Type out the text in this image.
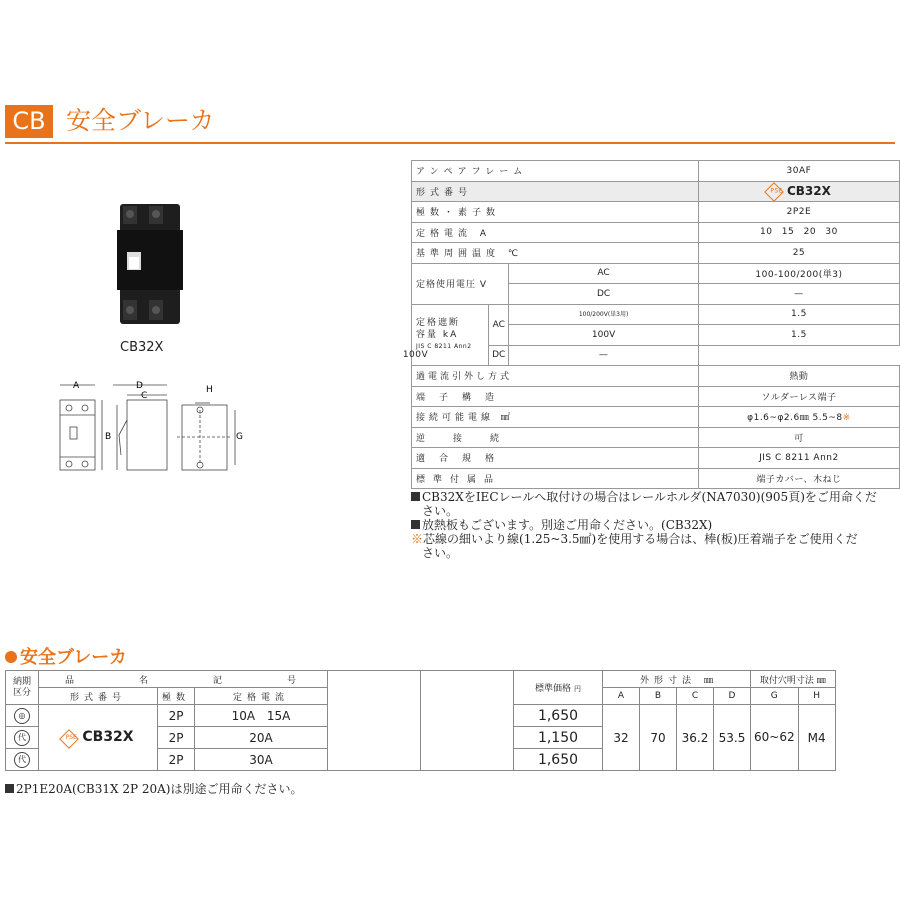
CB 安全ブレーカ
CB32X
A
B
C
D
G
H
アンペアフレーム			30AF
形式番号			PSE CB32X
極数・素子数			2P2E
定格電流 A			10 15 20 30
基準周囲温度 ℃			25
定格使用電圧 V		AC	100-100/200(単3)
		DC	—

定格遮断
容量 kA
JIS C 8211 Ann2	AC	100/200V(単3用)	1.5
		100V	1.5
	DC	100V —	
過電流引外し方式			熱動
端子構造			ソルダーレス端子
接続可能電線 ㎟			φ1.6~φ2.6㎜ 5.5~8※
逆接続			可
適合規格			JIS C 8211 Ann2
標準付属品			端子カバー、木ねじ
CB32XをIECレールへ取付けの場合はレールホルダ(NA7030)(905頁)をご用命くだ
さい。
放熱板もございます。別途ご用命ください。(CB32X)
※芯線の細いより線(1.25~3.5㎟)を使用する場合は、棒(板)圧着端子をご使用くだ
さい。
安全ブレーカ
納期
区分	品 名 記 号					標準価格 円	外形寸法 ㎜				取付穴明寸法 ㎜	
	形式番号	極数	定格電流				A	B	C	D	G	H
◎	PSE CB32X	2P	10A 15A			1,650	32	70	36.2	53.5	60~62	M4
代		2P	20A			1,150						
代		2P	30A			1,650						
2P1E20A(CB31X 2P 20A)は別途ご用命ください。
